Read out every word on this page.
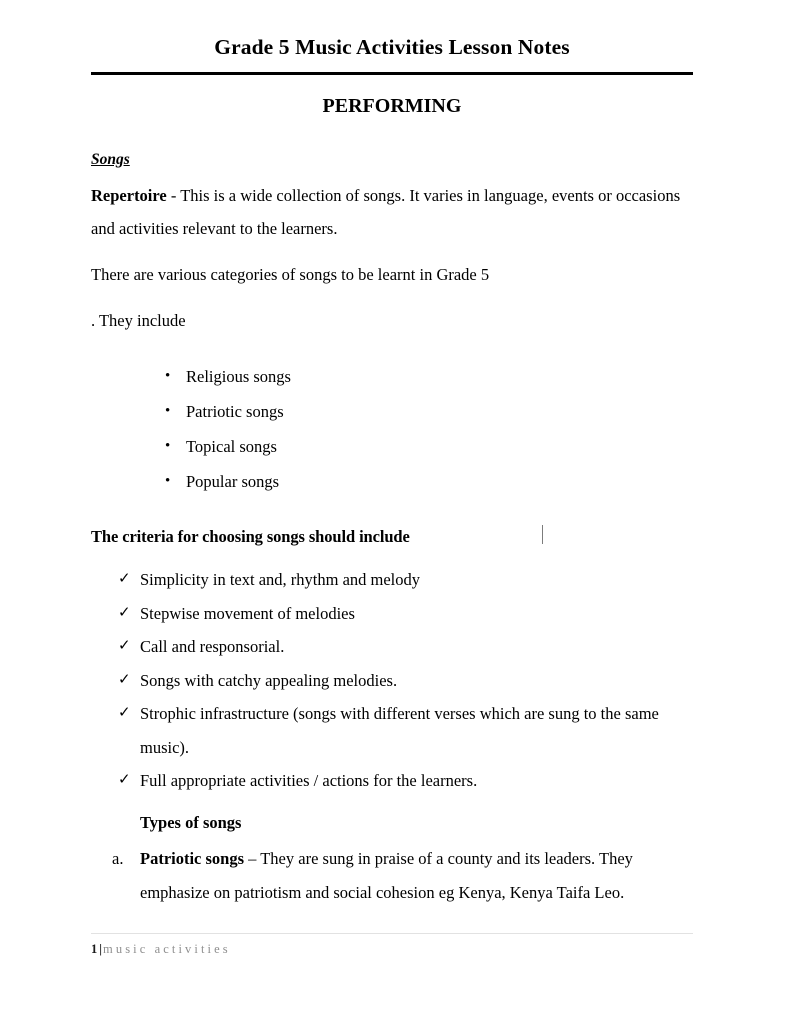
Grade 5 Music Activities Lesson Notes
PERFORMING
Songs

Repertoire - This is a wide collection of songs. It varies in language, events or occasions and activities relevant to the learners.

There are various categories of songs to be learnt in Grade 5

. They include

• Religious songs
• Patriotic songs
• Topical songs
• Popular songs

The criteria for choosing songs should include

✓ Simplicity in text and, rhythm and melody
✓ Stepwise movement of melodies
✓ Call and responsorial.
✓ Songs with catchy appealing melodies.
✓ Strophic infrastructure (songs with different verses which are sung to the same music).
✓ Full appropriate activities / actions for the learners.

Types of songs

a. Patriotic songs – They are sung in praise of a county and its leaders. They emphasize on patriotism and social cohesion eg Kenya, Kenya Taifa Leo.
1 |music activities
